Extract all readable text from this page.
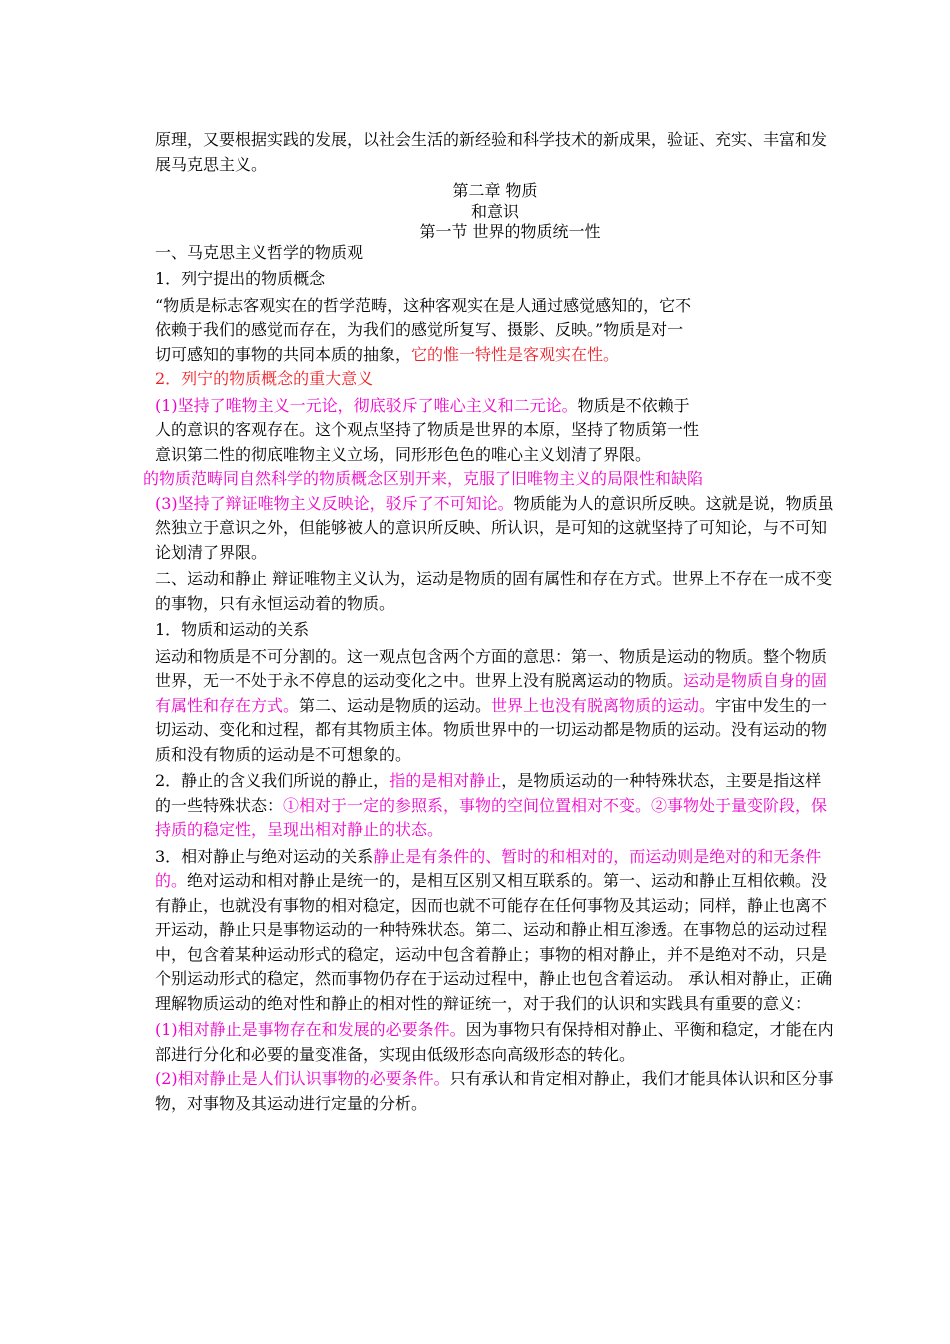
原理，又要根据实践的发展，以社会生活的新经验和科学技术的新成果，验证、充实、丰富和发展马克思主义。

第二章 物质

和意识

第一节 世界的物质统一性

一、马克思主义哲学的物质观

1．列宁提出的物质概念

“物质是标志客观实在的哲学范畴，这种客观实在是人通过感觉感知的，它不

依赖于我们的感觉而存在，为我们的感觉所复写、摄影、反映。”物质是对一

切可感知的事物的共同本质的抽象，它的惟一特性是客观实在性。

2．列宁的物质概念的重大意义

(1)坚持了唯物主义一元论，彻底驳斥了唯心主义和二元论。物质是不依赖于

人的意识的客观存在。这个观点坚持了物质是世界的本原，坚持了物质第一性

意识第二性的彻底唯物主义立场，同形形色色的唯心主义划清了界限。

的物质范畴同自然科学的物质概念区别开来，克服了旧唯物主义的局限性和缺陷

(3)坚持了辩证唯物主义反映论，驳斥了不可知论。物质能为人的意识所反映。这就是说，物质虽然独立于意识之外，但能够被人的意识所反映、所认识，是可知的这就坚持了可知论，与不可知论划清了界限。

二、运动和静止 辩证唯物主义认为，运动是物质的固有属性和存在方式。世界上不存在一成不变的事物，只有永恒运动着的物质。

1．物质和运动的关系

运动和物质是不可分割的。这一观点包含两个方面的意思：第一、物质是运动的物质。整个物质世界，无一不处于永不停息的运动变化之中。世界上没有脱离运动的物质。运动是物质自身的固有属性和存在方式。第二、运动是物质的运动。世界上也没有脱离物质的运动。宇宙中发生的一切运动、变化和过程，都有其物质主体。物质世界中的一切运动都是物质的运动。没有运动的物质和没有物质的运动是不可想象的。

2．静止的含义我们所说的静止，指的是相对静止，是物质运动的一种特殊状态，主要是指这样的一些特殊状态：①相对于一定的参照系，事物的空间位置相对不变。②事物处于量变阶段，保持质的稳定性，呈现出相对静止的状态。

3．相对静止与绝对运动的关系静止是有条件的、暂时的和相对的，而运动则是绝对的和无条件的。绝对运动和相对静止是统一的，是相互区别又相互联系的。第一、运动和静止互相依赖。没有静止，也就没有事物的相对稳定，因而也就不可能存在任何事物及其运动；同样，静止也离不开运动，静止只是事物运动的一种特殊状态。第二、运动和静止相互渗透。在事物总的运动过程中，包含着某种运动形式的稳定，运动中包含着静止；事物的相对静止，并不是绝对不动，只是个别运动形式的稳定，然而事物仍存在于运动过程中，静止也包含着运动。 承认相对静止，正确理解物质运动的绝对性和静止的相对性的辩证统一，对于我们的认识和实践具有重要的意义：

(1)相对静止是事物存在和发展的必要条件。因为事物只有保持相对静止、平衡和稳定，才能在内部进行分化和必要的量变准备，实现由低级形态向高级形态的转化。

(2)相对静止是人们认识事物的必要条件。只有承认和肯定相对静止，我们才能具体认识和区分事物，对事物及其运动进行定量的分析。
